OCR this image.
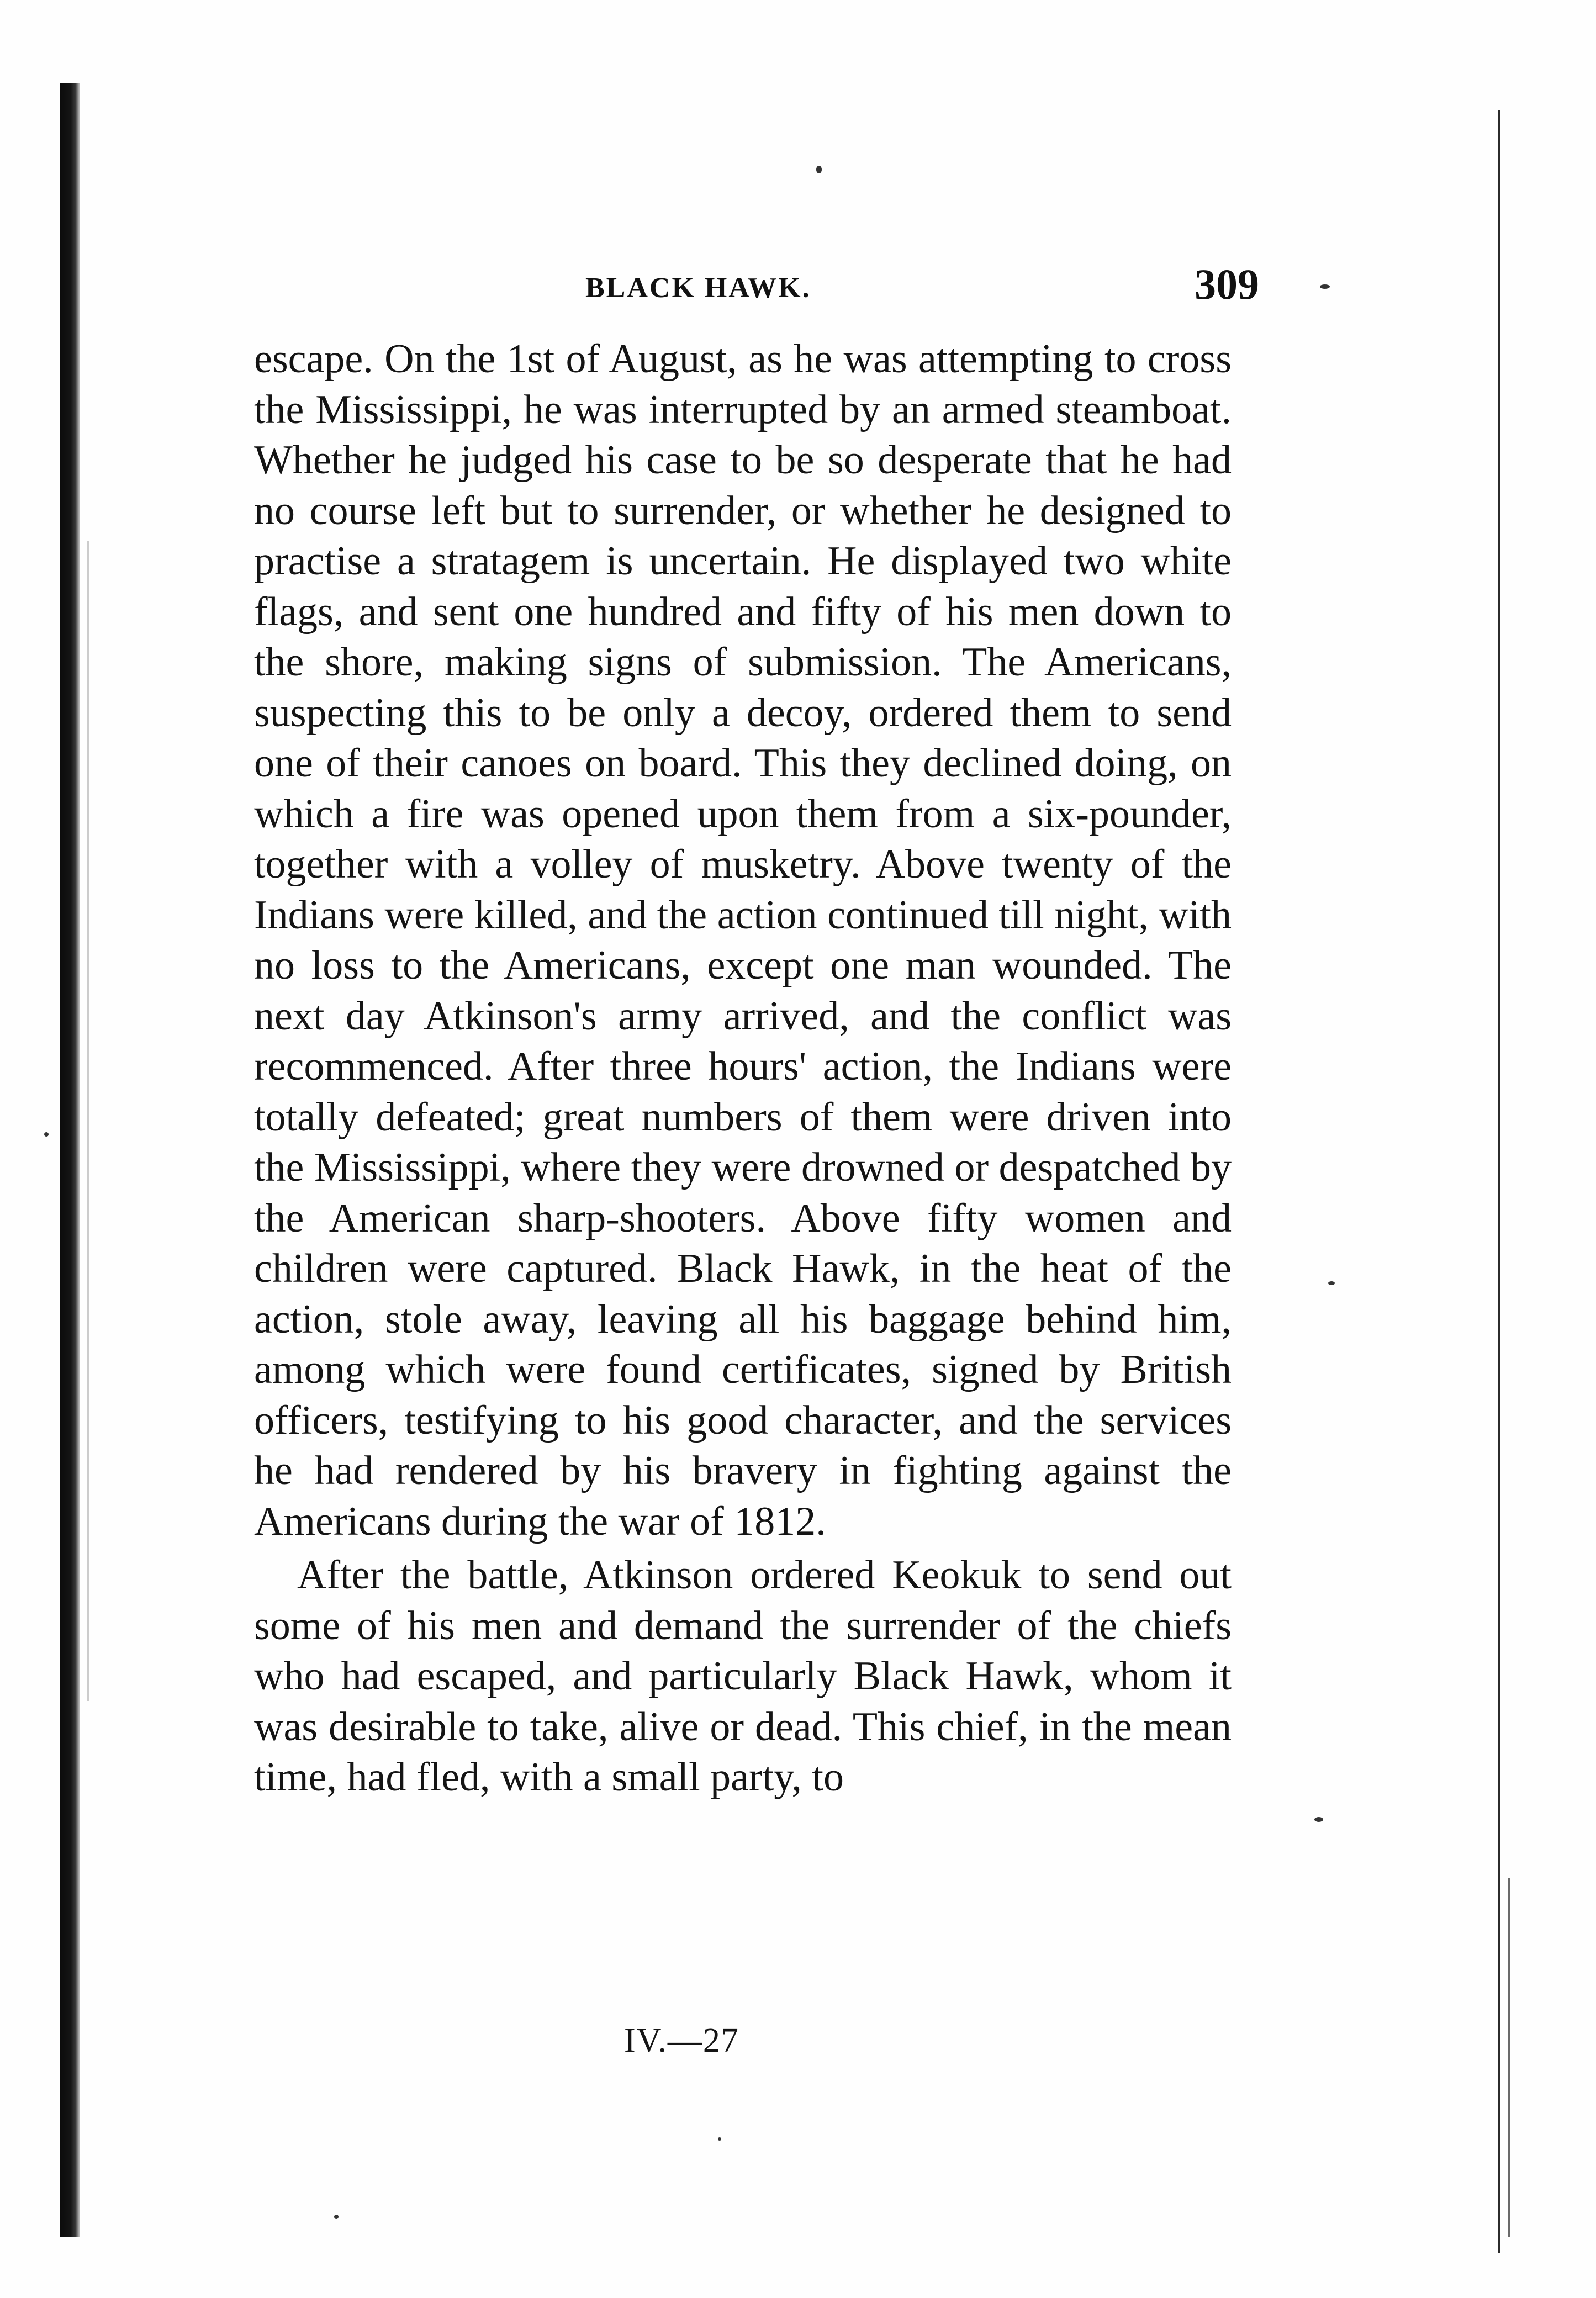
BLACK HAWK.	309

escape. On the 1st of August, as he was attempting to cross the Mississippi, he was interrupted by an armed steamboat. Whether he judged his case to be so desperate that he had no course left but to surrender, or whether he designed to practise a stratagem is uncertain. He displayed two white flags, and sent one hundred and fifty of his men down to the shore, making signs of submission. The Americans, suspecting this to be only a decoy, ordered them to send one of their canoes on board. This they declined doing, on which a fire was opened upon them from a six-pounder, together with a volley of musketry. Above twenty of the Indians were killed, and the action continued till night, with no loss to the Americans, except one man wounded. The next day Atkinson's army arrived, and the conflict was recommenced. After three hours' action, the Indians were totally defeated; great numbers of them were driven into the Mississippi, where they were drowned or despatched by the American sharp-shooters. Above fifty women and children were captured. Black Hawk, in the heat of the action, stole away, leaving all his baggage behind him, among which were found certificates, signed by British officers, testifying to his good character, and the services he had rendered by his bravery in fighting against the Americans during the war of 1812.

After the battle, Atkinson ordered Keokuk to send out some of his men and demand the surrender of the chiefs who had escaped, and particularly Black Hawk, whom it was desirable to take, alive or dead. This chief, in the mean time, had fled, with a small party, to

IV.—27
